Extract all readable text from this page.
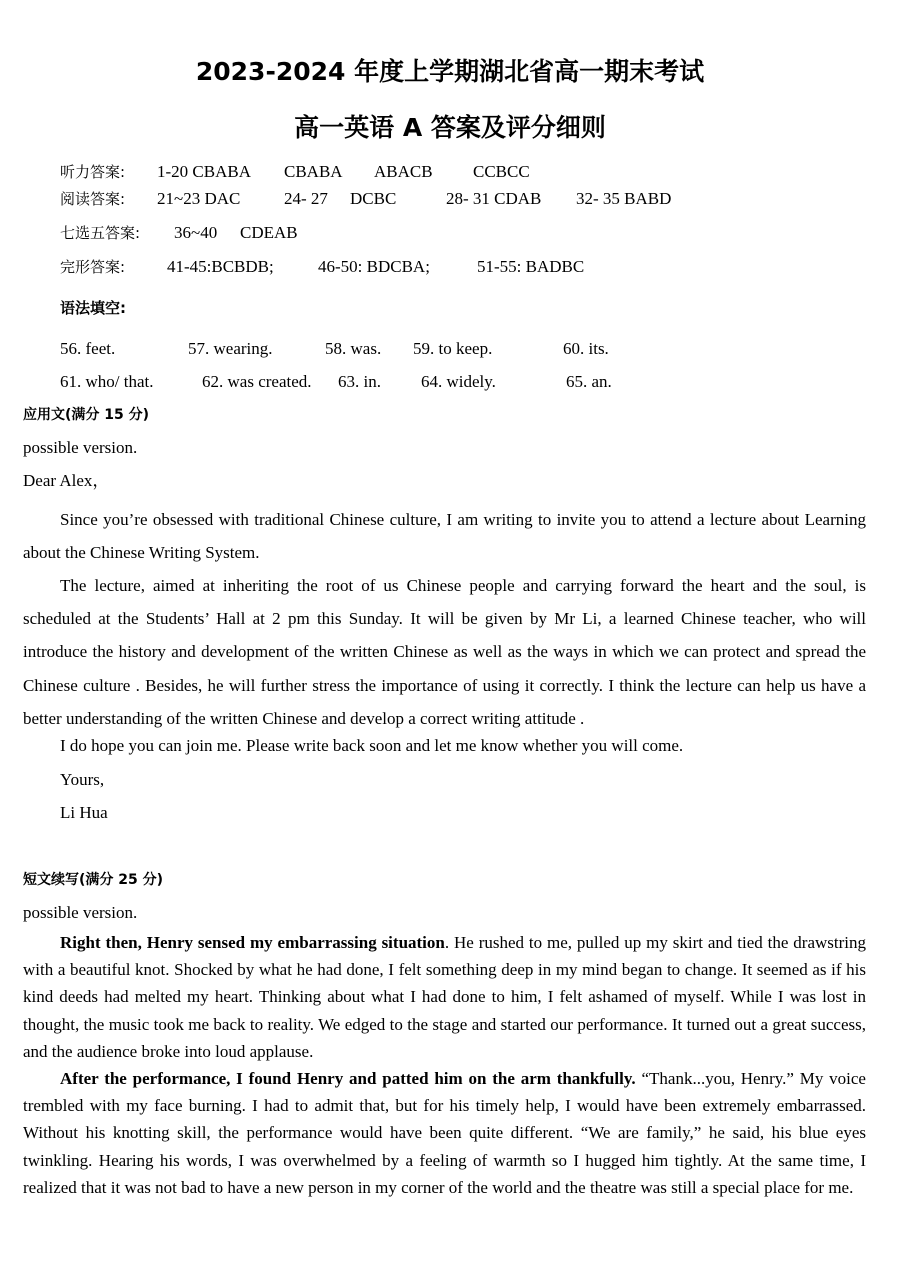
2023-2024 年度上学期湖北省高一期末考试
高一英语 A 答案及评分细则
听力答案: 1-20 CBABA CBABA ABACB CCBCC
阅读答案: 21~23 DAC	24- 27 DCBC	28- 31 CDAB 32- 35 BABD
七选五答案: 36~40 CDEAB
完形答案: 41-45:BCBDB;	46-50: BDCBA;	51-55: BADBC
语法填空:
56. feet.	57. wearing.	58. was. 59. to keep.	60. its.
61. who/ that.	62. was created. 63. in. 64. widely.	65. an.
应用文(满分 15 分)
possible version.
Dear Alex，

Since you’re obsessed with traditional Chinese culture, I am writing to invite you to attend a lecture about Learning about the Chinese Writing System.

The lecture, aimed at inheriting the root of us Chinese people and carrying forward the heart and the soul, is scheduled at the Students’ Hall at 2 pm this Sunday. It will be given by Mr Li, a learned Chinese teacher, who will introduce the history and development of the written Chinese as well as the ways in which we can protect and spread the Chinese culture . Besides, he will further stress the importance of using it correctly. I think the lecture can help us have a better understanding of the written Chinese and develop a correct writing attitude .

I do hope you can join me. Please write back soon and let me know whether you will come.

Yours,
Li Hua
短文续写(满分 25 分)
possible version.

Right then, Henry sensed my embarrassing situation. He rushed to me, pulled up my skirt and tied the drawstring with a beautiful knot. Shocked by what he had done, I felt something deep in my mind began to change. It seemed as if his kind deeds had melted my heart. Thinking about what I had done to him, I felt ashamed of myself. While I was lost in thought, the music took me back to reality. We edged to the stage and started our performance. It turned out a great success, and the audience broke into loud applause.

After the performance, I found Henry and patted him on the arm thankfully. “Thank...you, Henry.” My voice trembled with my face burning. I had to admit that, but for his timely help, I would have been extremely embarrassed. Without his knotting skill, the performance would have been quite different. “We are family,” he said, his blue eyes twinkling. Hearing his words, I was overwhelmed by a feeling of warmth so I hugged him tightly. At the same time, I realized that it was not bad to have a new person in my corner of the world and the theatre was still a special place for me.
